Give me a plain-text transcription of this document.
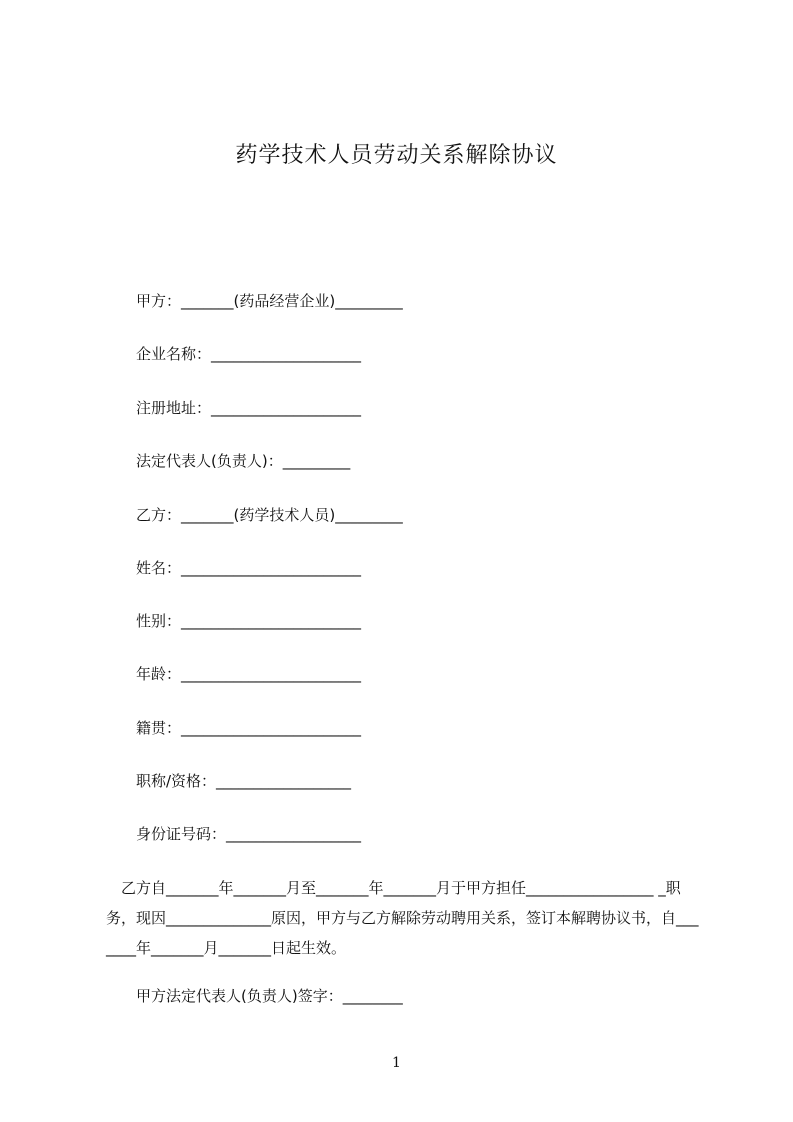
药学技术人员劳动关系解除协议
甲方：_______(药品经营企业)_________
企业名称：____________________
注册地址：____________________
法定代表人(负责人)：_________
乙方：_______(药学技术人员)_________
姓名：________________________
性别：________________________
年龄：________________________
籍贯：________________________
职称/资格：__________________
身份证号码：__________________
　乙方自_______年_______月至_______年_______月于甲方担任_________________ _职务，现因______________原因，甲方与乙方解除劳动聘用关系，签订本解聘协议书，自_______年_______月_______日起生效。
甲方法定代表人(负责人)签字：________
1
